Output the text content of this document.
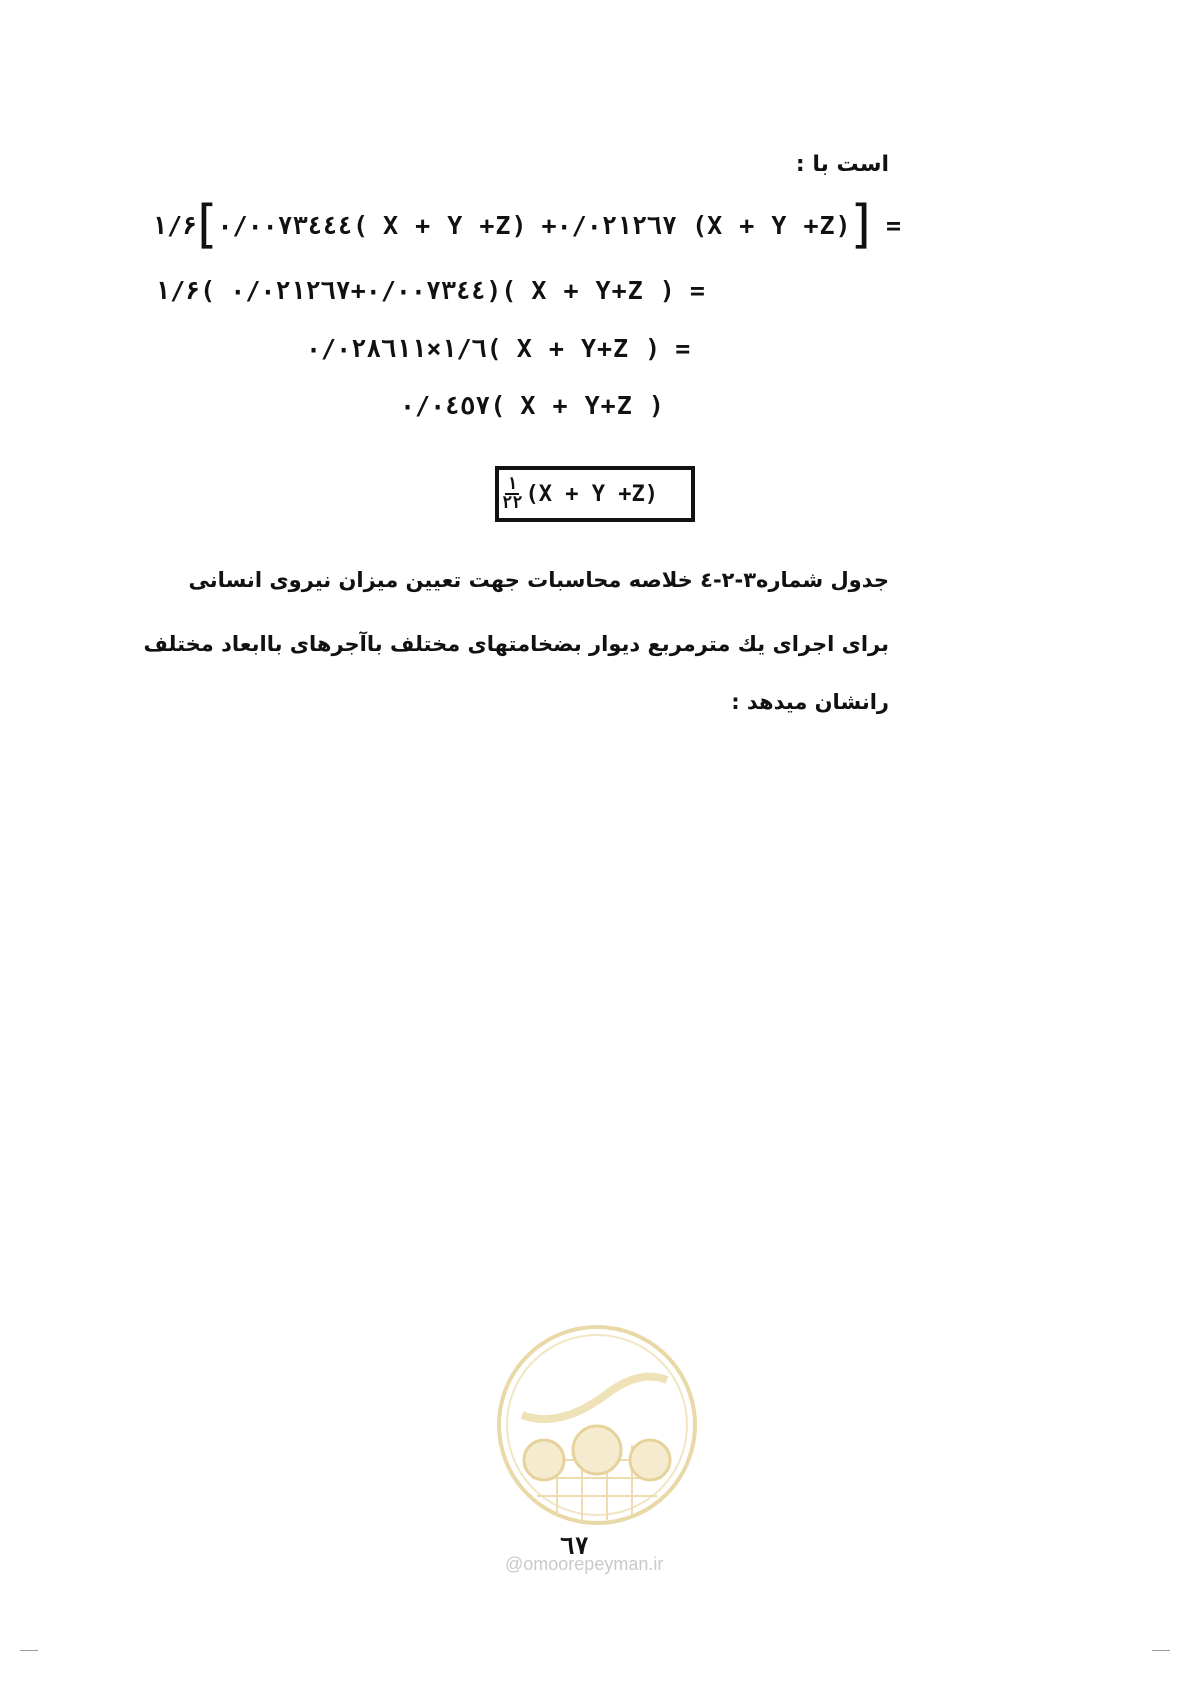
است با :
١/۶[٠/٠٠٧٣٤٤٤( X + Y +Z) +٠/٠٢١٢٦٧ (X + Y +Z)] =
١/۶( ٠/٠٠٧٣٤٤+٠/٠٢١٢٦٧)( X + Y+Z ) =
١/٦×٠/٠٢٨٦١١( X + Y+Z ) =
٠/٠٤٥٧( X + Y+Z )
$\frac{١}{٢٢} (X + Y +Z)$
جدول شماره٣-٢-٤ خلاصه محاسبات جهت تعیین میزان نیروی انسانی
برای اجرای یك مترمربع دیوار بضخامتهای مختلف باآجرهای باابعاد مختلف
رانشان میدهد :
٦٧
@omoorepeyman.ir
